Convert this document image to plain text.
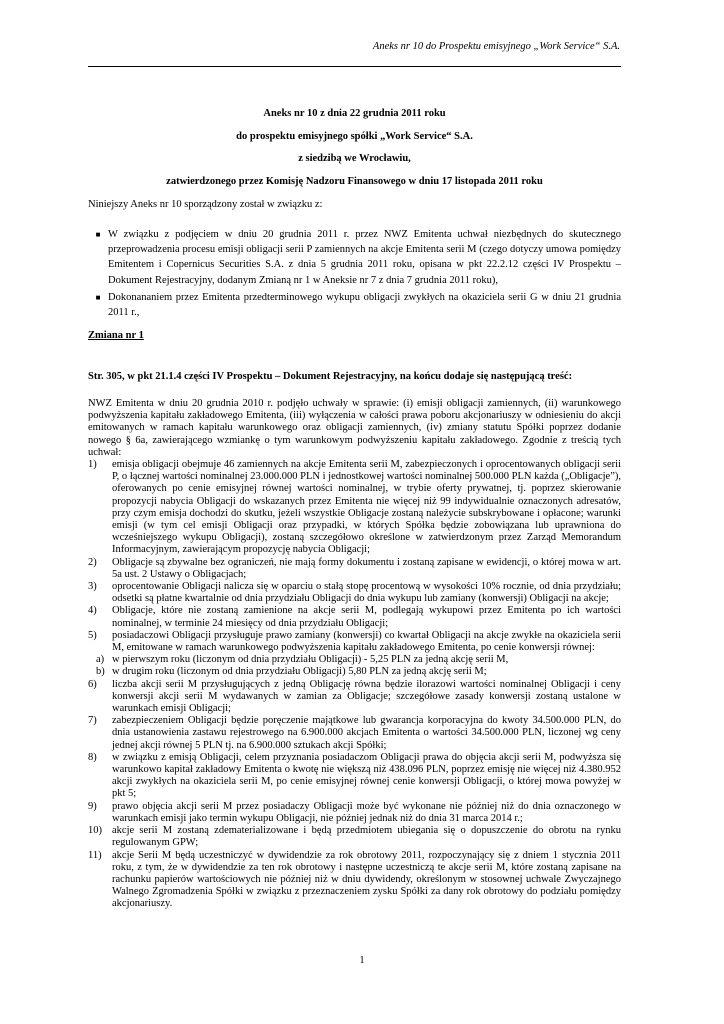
Aneks nr 10 do Prospektu emisyjnego „Work Service“ S.A.
Aneks nr 10 z dnia 22 grudnia 2011 roku
do prospektu emisyjnego spółki „Work Service“ S.A.
z siedzibą we Wrocławiu,
zatwierdzonego przez Komisję Nadzoru Finansowego w dniu 17 listopada 2011 roku
Niniejszy Aneks nr 10 sporządzony został w związku z:
■ W związku z podjęciem w dniu 20 grudnia 2011 r. przez NWZ Emitenta uchwał niezbędnych do skutecznego przeprowadzenia procesu emisji obligacji serii P zamiennych na akcje Emitenta serii M (czego dotyczy umowa pomiędzy Emitentem i Copernicus Securities S.A. z dnia 5 grudnia 2011 roku, opisana w pkt 22.2.12 części IV Prospektu – Dokument Rejestracyjny, dodanym Zmianą nr 1 w Aneksie nr 7 z dnia 7 grudnia 2011 roku),
■ Dokonananiem przez Emitenta przedterminowego wykupu obligacji zwykłych na okaziciela serii G w dniu 21 grudnia 2011 r.,
Zmiana nr 1
Str. 305, w pkt 21.1.4 części IV Prospektu – Dokument Rejestracyjny, na końcu dodaje się następującą treść:
NWZ Emitenta w dniu 20 grudnia 2010 r. podjęło uchwały w sprawie: (i) emisji obligacji zamiennych, (ii) warunkowego podwyższenia kapitału zakładowego Emitenta, (iii) wyłączenia w całości prawa poboru akcjonariuszy w odniesieniu do akcji emitowanych w ramach kapitału warunkowego oraz obligacji zamiennych, (iv) zmiany statutu Spółki poprzez dodanie nowego § 6a, zawierającego wzmiankę o tym warunkowym podwyższeniu kapitału zakładowego. Zgodnie z treścią tych uchwał:
1)	emisja obligacji obejmuje 46 zamiennych na akcje Emitenta serii M, zabezpieczonych i oprocentowanych obligacji serii P, o łącznej wartości nominalnej 23.000.000 PLN i jednostkowej wartości nominalnej 500.000 PLN każda („Obligacje”), oferowanych po cenie emisyjnej równej wartości nominalnej, w trybie oferty prywatnej, tj. poprzez skierowanie propozycji nabycia Obligacji do wskazanych przez Emitenta nie więcej niż 99 indywidualnie oznaczonych adresatów, przy czym emisja dochodzi do skutku, jeżeli wszystkie Obligacje zostaną należycie subskrybowane i opłacone; warunki emisji (w tym cel emisji Obligacji oraz przypadki, w których Spółka będzie zobowiązana lub uprawniona do wcześniejszego wykupu Obligacji), zostaną szczegółowo określone w zatwierdzonym przez Zarząd Memorandum Informacyjnym, zawierającym propozycję nabycia Obligacji;
2)	Obligacje są zbywalne bez ograniczeń, nie mają formy dokumentu i zostaną zapisane w ewidencji, o której mowa w art. 5a ust. 2 Ustawy o Obligacjach;
3)	oprocentowanie Obligacji nalicza się w oparciu o stałą stopę procentową w wysokości 10% rocznie, od dnia przydziału; odsetki są płatne kwartalnie od dnia przydziału Obligacji do dnia wykupu lub zamiany (konwersji) Obligacji na akcje;
4)	Obligacje, które nie zostaną zamienione na akcje serii M, podlegają wykupowi przez Emitenta po ich wartości nominalnej, w terminie 24 miesięcy od dnia przydziału Obligacji;
5)	posiadaczowi Obligacji przysługuje prawo zamiany (konwersji) co kwartał Obligacji na akcje zwykłe na okaziciela serii M, emitowane w ramach warunkowego podwyższenia kapitału zakładowego Emitenta, po cenie konwersji równej:
a) w pierwszym roku (liczonym od dnia przydziału Obligacji) - 5,25 PLN za jedną akcję serii M,
b) w drugim roku (liczonym od dnia przydziału Obligacji) 5,80 PLN za jedną akcję serii M;
6)	liczba akcji serii M przysługujących z jedną Obligację równa będzie ilorazowi wartości nominalnej Obligacji i ceny konwersji akcji serii M wydawanych w zamian za Obligacje; szczegółowe zasady konwersji zostaną ustalone w warunkach emisji Obligacji;
7)	zabezpieczeniem Obligacji będzie poręczenie majątkowe lub gwarancja korporacyjna do kwoty 34.500.000 PLN, do dnia ustanowienia zastawu rejestrowego na 6.900.000 akcjach Emitenta o wartości 34.500.000 PLN, liczonej wg ceny jednej akcji równej 5 PLN tj. na 6.900.000 sztukach akcji Spółki;
8)	w związku z emisją Obligacji, celem przyznania posiadaczom Obligacji prawa do objęcia akcji serii M, podwyższa się warunkowo kapitał zakładowy Emitenta o kwotę nie większą niż 438.096 PLN, poprzez emisję nie więcej niż 4.380.952 akcji zwykłych na okaziciela serii M, po cenie emisyjnej równej cenie konwersji Obligacji, o której mowa powyżej w pkt 5;
9)	prawo objęcia akcji serii M przez posiadaczy Obligacji może być wykonane nie później niż do dnia oznaczonego w warunkach emisji jako termin wykupu Obligacji, nie później jednak niż do dnia 31 marca 2014 r.;
10) akcje serii M zostaną zdematerializowane i będą przedmiotem ubiegania się o dopuszczenie do obrotu na rynku regulowanym GPW;
11) akcje Serii M będą uczestniczyć w dywidendzie za rok obrotowy 2011, rozpoczynający się z dniem 1 stycznia 2011 roku, z tym, że w dywidendzie za ten rok obrotowy i następne uczestniczą te akcje serii M, które zostaną zapisane na rachunku papierów wartościowych nie później niż w dniu dywidendy, określonym w stosownej uchwale Zwyczajnego Walnego Zgromadzenia Spółki w związku z przeznaczeniem zysku Spółki za dany rok obrotowy do podziału pomiędzy akcjonariuszy.
1
